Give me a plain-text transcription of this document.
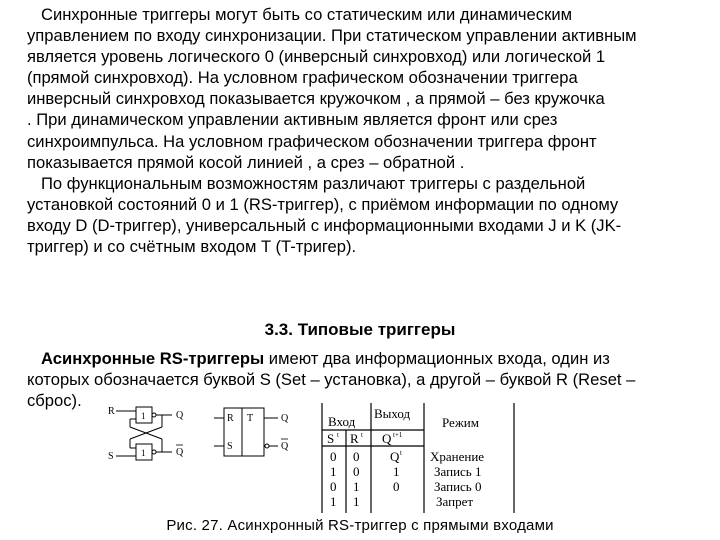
Синхронные триггеры могут быть со статическим или динамическим
управлением по входу синхронизации. При статическом управлении активным
является уровень логического 0 (инверсный синхровход) или логической 1
(прямой синхровход). На условном графическом обозначении триггера
инверсный синхровход показывается кружочком , а прямой – без кружочка
. При динамическом управлении активным является фронт или срез
синхроимпульса. На условном графическом обозначении триггера фронт
показывается прямой косой линией , а срез – обратной .
По функциональным возможностям различают триггеры с раздельной
установкой состояний 0 и 1 (RS-триггер), с приёмом информации по одному
входу D (D-триггер), универсальный с информационными входами J и K (JK-
триггер) и со счётным входом T (T-тригер).
3.3. Типовые триггеры
Асинхронные RS-триггеры имеют два информационных входа, один из
которых обозначается буквой S (Set – установка), а другой – буквой R (Reset –
сброс).
R
S
1
1
Q
Q
R T
S
Q
Q
Вход
Выход
Режим
S t R t Q t+1
0 0 Q t Хранение
1 0	1	Запись 1
0 1	0	Запись 0
1 1	Запрет
Рис. 27. Асинхронный RS-триггер с прямыми входами
